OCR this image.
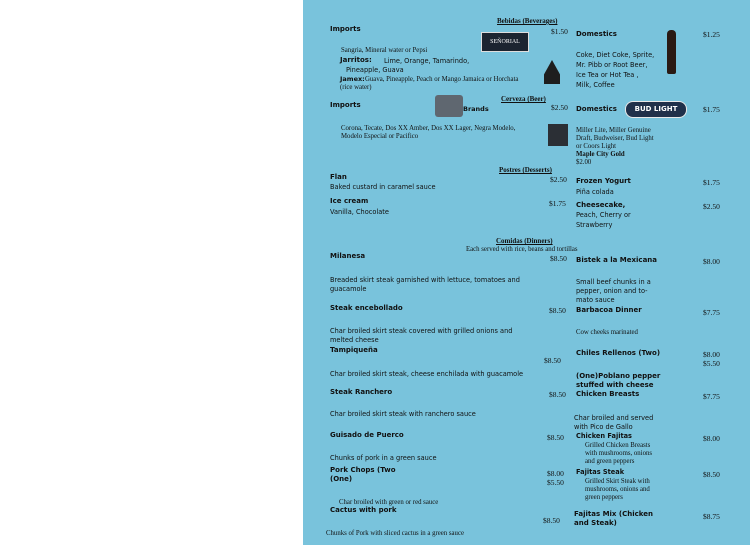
Bebidas (Beverages)
Imports	$1.50
SEÑORIAL
Sangria, Mineral water or Pepsi
Jarritos: Lime, Orange, Tamarindo,
Pineapple, Guava
Jamex: Guava, Pineapple, Peach or Mango Jamaica or Horchata
(rice water)
Domestics	$1.25
Coke, Diet Coke, Sprite,
Mr. Pibb or Root Beer,
Ice Tea or Hot Tea ,
Milk, Coffee
Cerveza (Beer)
Brands
Imports	$2.50
Corona, Tecate, Dos XX Amber, Dos XX Lager, Negra Modelo,
Modelo Especial or Pacifico
Domestics	BUD LIGHT	$1.75
Miller Lite, Miller Genuine
Draft, Budweiser, Bud Light
or Coors Light
Maple City Gold
$2.00
Postres (Desserts)
Flan	$2.50
Baked custard in caramel sauce
Ice cream	$1.75
Vanilla, Chocolate
Frozen Yogurt	$1.75
Piña colada
Cheesecake,	$2.50
Peach, Cherry or
Strawberry
Comidas (Dinners)
Each served with rice, beans and tortillas
Milanesa	$8.50
Breaded skirt steak garnished with lettuce, tomatoes and
guacamole
Steak encebollado	$8.50
Char broiled skirt steak covered with grilled onions and
melted cheese
Tampiqueña
$8.50
Char broiled skirt steak, cheese enchilada with guacamole
Steak Ranchero	$8.50
Char broiled skirt steak with ranchero sauce
Guisado de Puerco	$8.50
Chunks of pork in a green sauce
Pork Chops (Two
(One)
$8.00
$5.50
Char broiled with green or red sauce
Cactus with pork
$8.50
Chunks of Pork with sliced cactus in a green sauce
Bistek a la Mexicana	$8.00
Small beef chunks in a
pepper, onion and to-
mato sauce
Barbacoa Dinner	$7.75
Cow cheeks marinated
Chiles Rellenos (Two)	$8.00
$5.50
(One)Poblano pepper
stuffed with cheese
Chicken Breasts	$7.75
Char broiled and served
with Pico de Gallo
Chicken Fajitas	$8.00
Grilled Chicken Breasts
with mushrooms, onions
and green peppers
Fajitas Steak	$8.50
Grilled Skirt Steak with
mushrooms, onions and
green peppers
Fajitas Mix (Chicken
and Steak)
$8.75
